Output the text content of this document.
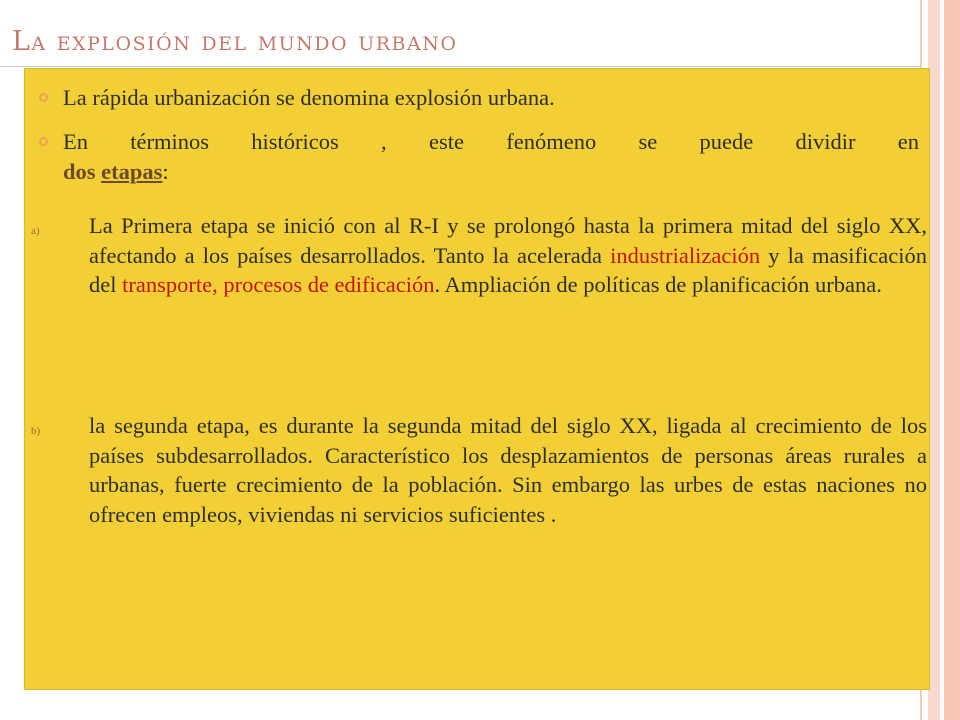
La explosión del mundo urbano
La rápida urbanización se denomina explosión urbana.
En términos históricos , este fenómeno se puede dividir en
dos etapas:
a) La Primera etapa se inició con al R-I y se prolongó hasta la primera mitad del siglo XX, afectando a los países desarrollados. Tanto la acelerada industrialización y la masificación del transporte, procesos de edificación. Ampliación de políticas de planificación urbana.
b) la segunda etapa, es durante la segunda mitad del siglo XX, ligada al crecimiento de los países subdesarrollados. Característico los desplazamientos de personas áreas rurales a urbanas, fuerte crecimiento de la población. Sin embargo las urbes de estas naciones no ofrecen empleos, viviendas ni servicios suficientes .
